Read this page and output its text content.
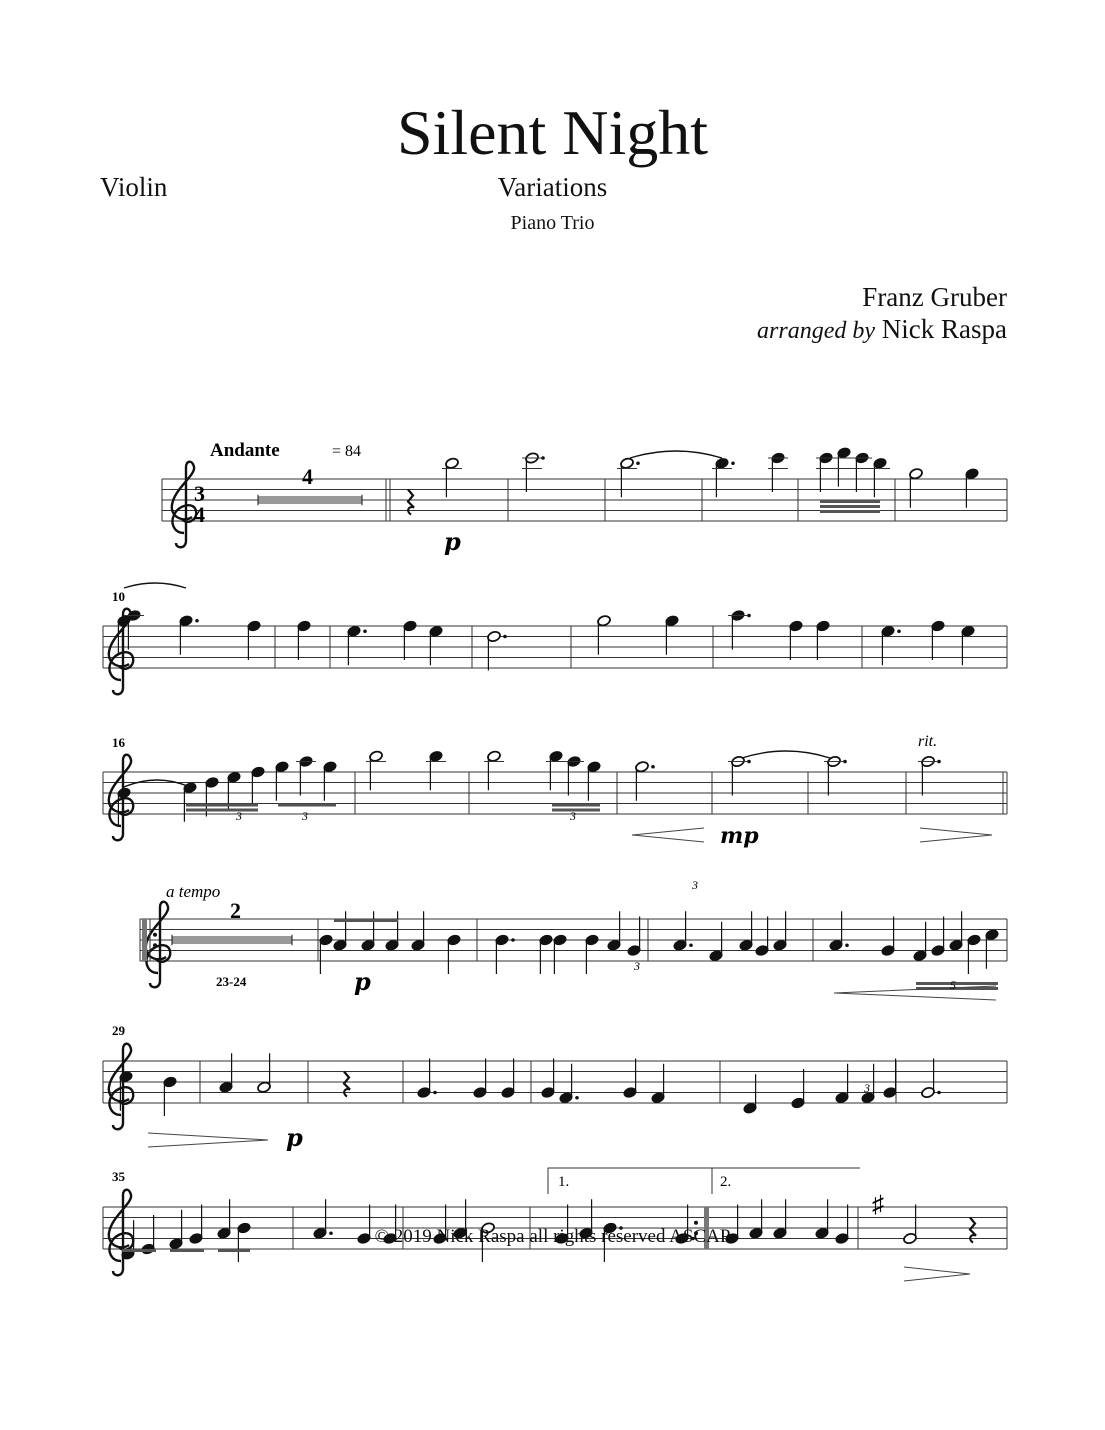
Silent Night
Violin	Variations
Piano Trio
Franz Gruber
arranged by Nick Raspa
Andante	= 84
3
4
4
p
10
16
3	3	3
mp
rit.
a tempo
2
23-24	p
3
3
5
29
p
3
35	1.	2.
♯
© 2019 Nick Raspa all rights reserved ASCAP
